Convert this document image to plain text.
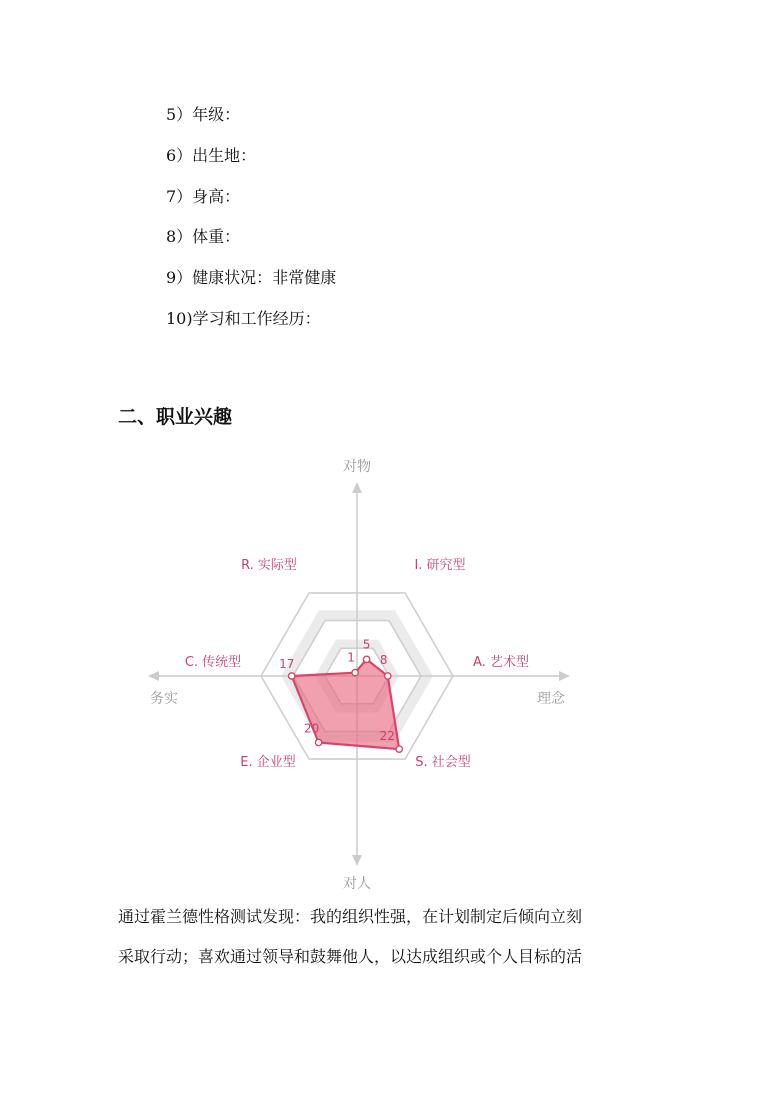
5）年级：
6）出生地：
7）身高：
8）体重：
9）健康状况：非常健康
10)学习和工作经历：
二、职业兴趣
对物
对人
务实	理念
1
5
8
22
20
17
R. 实际型	I. 研究型
A. 艺术型
S. 社会型
E. 企业型
C. 传统型
通过霍兰德性格测试发现：我的组织性强，在计划制定后倾向立刻
采取行动；喜欢通过领导和鼓舞他人，以达成组织或个人目标的活
